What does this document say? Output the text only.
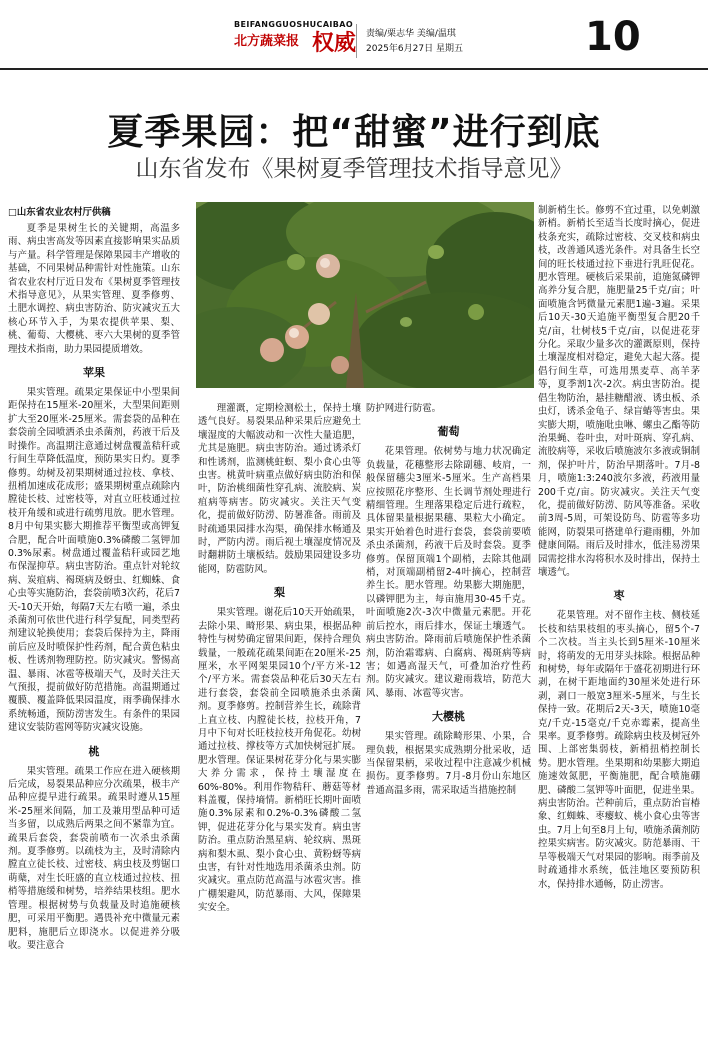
BEIFANGGUOSHUCAIBAO
北方蔬菜报 权威 责编/栗志华 美编/温琪
2025年6月27日 星期五	10
夏季果园：把“甜蜜”进行到底
山东省发布《果树夏季管理技术指导意见》

□山东省农业农村厅供稿

夏季是果树生长的关键期，高温多雨、病虫害高发等因素直接影响果实品质与产量。科学管理是保障果园丰产增收的基础，不同果树品种需针对性施策。山东省农业农村厅近日发布《果树夏季管理技术指导意见》，从果实管理、夏季修剪、土肥水调控、病虫害防治、防灾减灾五大核心环节入手，为果农提供苹果、梨、桃、葡萄、大樱桃、枣六大果树的夏季管理技术指南，助力果园提质增效。

苹果

果实管理。疏果定果保证中小型果间距保持在15厘米-20厘米，大型果间距则扩大至20厘米-25厘米。需套袋的品种在套袋前全园喷洒杀虫杀菌剂，药液干后及时操作。高温期注意通过树盘覆盖秸秆或行间生草降低温度，预防果实日灼。夏季修剪。幼树及初果期树通过拉枝、拿枝、扭梢加速成花成形；盛果期树重点疏除内膛徒长枝、过密枝等，对直立旺枝通过拉枝开角缓和或进行疏剪甩放。肥水管理。8月中旬果实膨大期推荐平衡型或高钾复合肥，配合叶面喷施0.3%磷酸二氢钾加0.3%尿素。树盘通过覆盖秸秆或园艺地布保湿抑草。病虫害防治。重点针对轮纹病、炭疽病、褐斑病及蚜虫、红蜘蛛、食心虫等实施防治，套袋前喷3次药，花后7天-10天开始，每隔7天左右喷一遍，杀虫杀菌剂可依世代进行科学复配，同类型药剂建议轮换使用；套袋后保持为主，降雨前后应及时喷保护性药剂，配合黄色粘虫板、性诱剂物理防控。防灾减灾。警惕高温、暴雨、冰雹等极端天气，及时关注天气预报，提前做好防范措施。高温期通过覆膜、覆盖降低果园温度，雨季确保排水系统畅通，预防涝害发生。有条件的果园建议安装防雹网等防灾减灾设施。

桃

果实管理。疏果工作应在进入硬核期后完成，易裂果品种应分次疏果，极丰产品种应提早进行疏果。疏果时遵从15厘米-25厘米间隔，加工及兼用型品种可适当多留，以成熟后两果之间不紧靠为宜。疏果后套袋，套袋前喷布一次杀虫杀菌剂。夏季修剪。以疏枝为主，及时清除内膛直立徒长枝、过密枝、病虫枝及剪锯口萌蘖，对生长旺盛的直立枝通过拉枝、扭梢等措施缓和树势，培养结果枝组。肥水管理。根据树势与负载量及时追施硬核肥，可采用平衡肥。遇畏补充中微量元素肥料，施肥后立即浇水。以促进养分吸收。要注意合

理灌溉，定期检测松土，保持土壤透气良好。易裂果品种采果后应避免土壤湿度的大幅波动和一次性大量追肥，尤其是施肥。病虫害防治。通过诱杀灯和性诱剂，监测桃蛀螟、梨小食心虫等虫害。桃黄叶病重点做好病虫防治和保叶，防治桃细菌性穿孔病、流胶病、炭疽病等病害。防灾减灾。关注天气变化，提前做好防涝、防暑准备。雨前及时疏通果园排水沟渠，确保排水畅通及时，严防内涝。雨后视土壤湿度情况及时翻耕防土壤板结。鼓励果园建设多功能网，防雹防风。

梨

果实管理。谢花后10天开始疏果，去除小果、畸形果、病虫果，根据品种特性与树势确定留果间距，保持合理负载量，一般疏花疏果间距在20厘米-25厘米，水平网架果园10个/平方米-12个/平方米。需套袋品种花后30天左右进行套袋，套袋前全园喷施杀虫杀菌剂。夏季修剪。控制营养生长，疏除背上直立枝、内膛徒长枝，拉枝开角，7月中下旬对长旺枝拉枝开角促花。幼树通过拉枝、撑枝等方式加快树冠扩展。肥水管理。保证果树花芽分化与果实膨大养分需求，保持土壤湿度在60%-80%。利用作物秸秆、蘑菇等材料盖覆，保持墒情。新梢旺长期叶面喷施0.3%尿素和0.2%-0.3%磷酸二氢钾，促进花芽分化与果实发育。病虫害防治。重点防治黑星病、轮纹病、黑斑病和梨木虱、梨小食心虫、黄粉蚜等病虫害，有针对性地选用杀菌杀虫剂。防灾减灾。重点防范高温与冰雹灾害。推广棚架避风，防范暴雨、大风，保障果实安全。

防护网进行防雹。

葡萄

花果管理。依树势与地力状况确定负载量，花穗整形去除副穗、岐肩，一般保留穗尖3厘米-5厘米。生产高档果应按照花序整形、生长调节剂处理进行精细管理。生理落果稳定后进行疏粒，具体留果量根据果穗、果粒大小确定。果实开始着色时进行套袋，套袋前要喷杀虫杀菌剂，药液干后及时套袋。夏季修剪。保留顶端1个副梢，去除其他副梢，对顶端副梢留2-4叶摘心，控制营养生长。肥水管理。幼果膨大期施肥，以磷钾肥为主，每亩施用30-45千克。叶面喷施2次-3次中微量元素肥。开花前后控水，雨后排水，保证土壤透气。病虫害防治。降雨前后喷施保护性杀菌剂，防治霜霉病、白腐病、褐斑病等病害；如遇高湿天气，可叠加治疗性药剂。防灾减灾。建议避雨栽培，防范大风、暴雨、冰雹等灾害。

大樱桃

果实管理。疏除畸形果、小果，合理负载，根据果实成熟期分批采收，适当保留果柄，采收过程中注意减少机械损伤。夏季修剪。7月-8月份山东地区普通高温多雨，需采取适当措施控制

制新梢生长。修剪不宜过重，以免刺激新梢。新梢长至适当长度时摘心，促进枝条充实，疏除过密枝、交叉枝和病虫枝，改善通风透光条件。对具备生长空间的旺长枝通过拉下垂进行乳旺促花。肥水管理。硬核后采果前，追施氮磷钾高养分复合肥，施肥量25千克/亩；叶面喷施含钙微量元素肥1遍-3遍。采果后10天-30天追施平衡型复合肥20千克/亩，壮树枝5千克/亩，以促进花芽分化。采取少量多次的灌溉原则，保持土壤湿度相对稳定，避免大起大落。提倡行间生草，可选用黑麦草、高羊茅等，夏季割1次-2次。病虫害防治。提倡生物防治，悬挂糖醋液、诱虫板、杀虫灯，诱杀金龟子、绿盲蝽等害虫。果实膨大期，喷施吡虫啉、螺虫乙酯等防治果蝇、卷叶虫，对叶斑病、穿孔病、流胶病等，采收后喷施波尔多液或铜制剂，保护叶片，防治早期落叶。7月-8月，喷施1:3:240波尔多液，药液用量200千克/亩。防灾减灾。关注天气变化，提前做好防涝、防风等准备。采收前3周-5周，可架设防鸟、防雹等多功能网，防裂果可搭建单行避雨棚，外加健康间隔。雨后及时排水，低洼易涝果园需挖排水沟将积水及时排出，保持土壤透气。

枣

花果管理。对不留作主枝、侧枝延长枝和结果枝组的枣头摘心，留5个-7个二次枝。当主头长到5厘米-10厘米时，将萌发的无用芽头抹除。根据品种和树势，每年或隔年于盛花初期进行环剥，在树干距地面约30厘米处进行环剥，剥口一般宽3厘米-5厘米，与生长保持一致。花期后2天-3天，喷施10毫克/千克-15毫克/千克赤霉素，提高坐果率。夏季修剪。疏除病虫枝及树冠外围、上部密集弱枝，新梢扭梢控制长势。肥水管理。坐果期和幼果膨大期追施速效氮肥，平衡施肥，配合喷施硼肥、磷酸二氢钾等叶面肥，促进坐果。病虫害防治。芒种前后，重点防治盲椿象、红蜘蛛、枣瘿蚊、桃小食心虫等害虫。7月上旬至8月上旬，喷施杀菌剂防控果实病害。防灾减灾。防范暴雨、干旱等极端天气对果园的影响。雨季前及时疏通排水系统，低洼地区要预防积水，保持排水通畅，防止涝害。
